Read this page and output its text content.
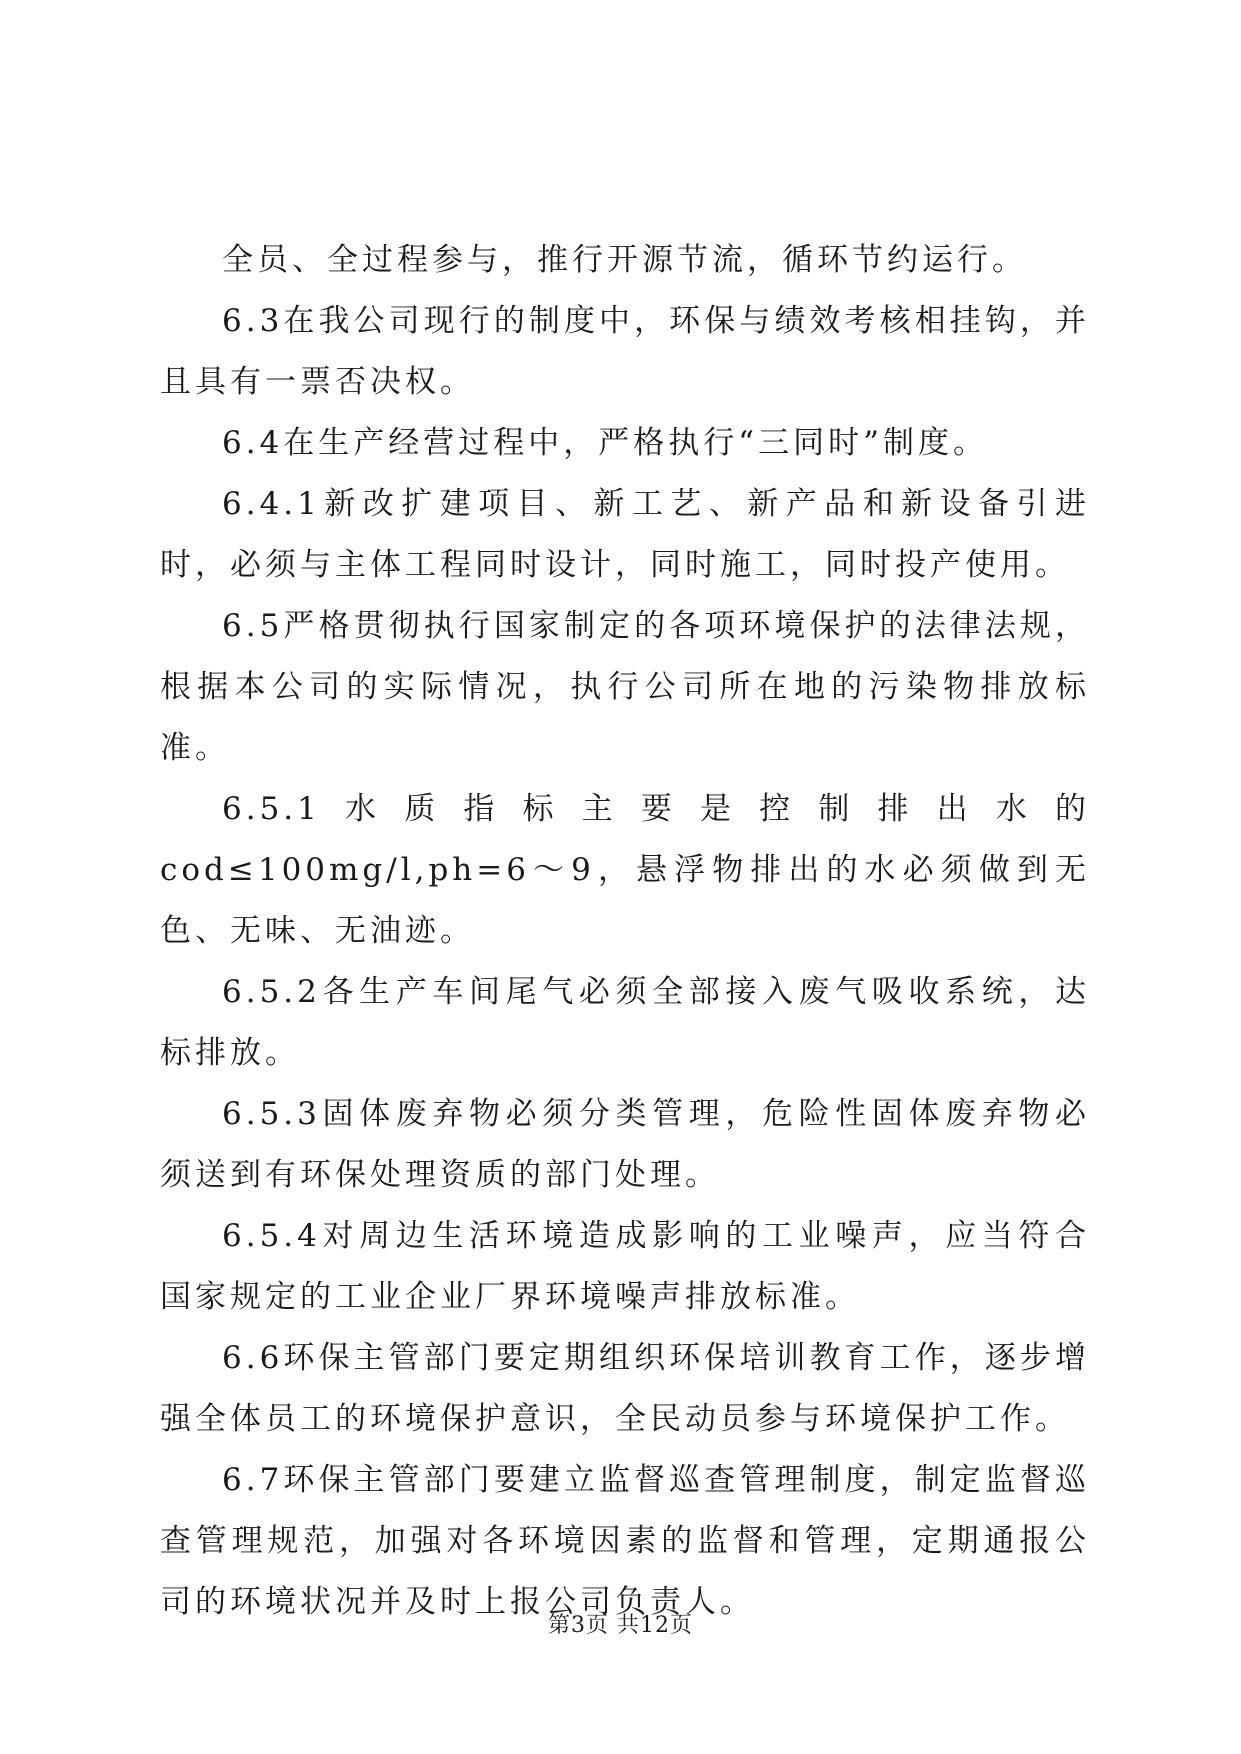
全员、全过程参与，推行开源节流，循环节约运行。

6.3在我公司现行的制度中，环保与绩效考核相挂钩，并且具有一票否决权。

6.4在生产经营过程中，严格执行“三同时”制度。

6.4.1新改扩建项目、新工艺、新产品和新设备引进时，必须与主体工程同时设计，同时施工，同时投产使用。

6.5严格贯彻执行国家制定的各项环境保护的法律法规，根据本公司的实际情况，执行公司所在地的污染物排放标准。

6.5.1水质指标主要是控制排出水的cod≤100mg/l,ph=6～9，悬浮物排出的水必须做到无色、无味、无油迹。

6.5.2各生产车间尾气必须全部接入废气吸收系统，达标排放。

6.5.3固体废弃物必须分类管理，危险性固体废弃物必须送到有环保处理资质的部门处理。

6.5.4对周边生活环境造成影响的工业噪声，应当符合国家规定的工业企业厂界环境噪声排放标准。

6.6环保主管部门要定期组织环保培训教育工作，逐步增强全体员工的环境保护意识，全民动员参与环境保护工作。

6.7环保主管部门要建立监督巡查管理制度，制定监督巡查管理规范，加强对各环境因素的监督和管理，定期通报公司的环境状况并及时上报公司负责人。

第3页 共12页
